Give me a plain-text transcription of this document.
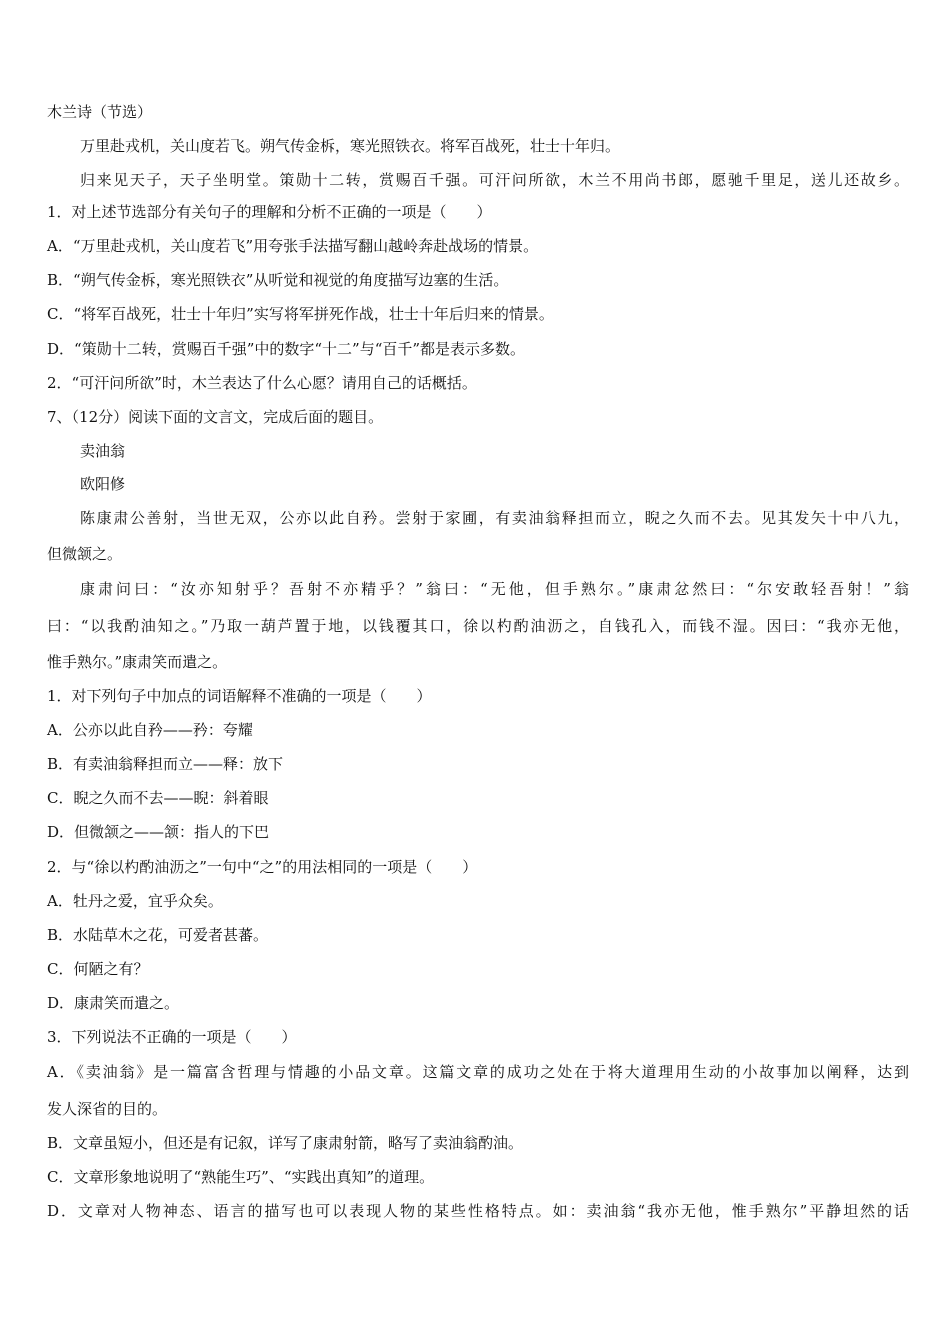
木兰诗（节选）
万里赴戎机，关山度若飞。朔气传金柝，寒光照铁衣。将军百战死，壮士十年归。
归来见天子，天子坐明堂。策勋十二转，赏赐百千强。可汗问所欲，木兰不用尚书郎，愿驰千里足，送儿还故乡。
1．对上述节选部分有关句子的理解和分析不正确的一项是（　　）
A．“万里赴戎机，关山度若飞”用夸张手法描写翻山越岭奔赴战场的情景。
B．“朔气传金柝，寒光照铁衣”从听觉和视觉的角度描写边塞的生活。
C．“将军百战死，壮士十年归”实写将军拼死作战，壮士十年后归来的情景。
D．“策勋十二转，赏赐百千强”中的数字“十二”与“百千”都是表示多数。
2．“可汗问所欲”时，木兰表达了什么心愿？请用自己的话概括。
7、（12分）阅读下面的文言文，完成后面的题目。
卖油翁
欧阳修
陈康肃公善射，当世无双，公亦以此自矜。尝射于家圃，有卖油翁释担而立，睨之久而不去。见其发矢十中八九，
但微颔之。
康肃问曰：“汝亦知射乎？吾射不亦精乎？”翁曰：“无他，但手熟尔。”康肃忿然曰：“尔安敢轻吾射！”翁
曰：“以我酌油知之。”乃取一葫芦置于地，以钱覆其口，徐以杓酌油沥之，自钱孔入，而钱不湿。因曰：“我亦无他，
惟手熟尔。”康肃笑而遣之。
1．对下列句子中加点的词语解释不准确的一项是（　　）
A．公亦以此自矜——矜：夸耀
B．有卖油翁释担而立——释：放下
C．睨之久而不去——睨：斜着眼
D．但微颔之——颔：指人的下巴
2．与“徐以杓酌油沥之”一句中“之”的用法相同的一项是（　　）
A．牡丹之爱，宜乎众矣。
B．水陆草木之花，可爱者甚蕃。
C．何陋之有？
D．康肃笑而遣之。
3．下列说法不正确的一项是（　　）
A．《卖油翁》是一篇富含哲理与情趣的小品文章。这篇文章的成功之处在于将大道理用生动的小故事加以阐释，达到
发人深省的目的。
B．文章虽短小，但还是有记叙，详写了康肃射箭，略写了卖油翁酌油。
C．文章形象地说明了“熟能生巧”、“实践出真知”的道理。
D．文章对人物神态、语言的描写也可以表现人物的某些性格特点。如：卖油翁“我亦无他，惟手熟尔”平静坦然的话
